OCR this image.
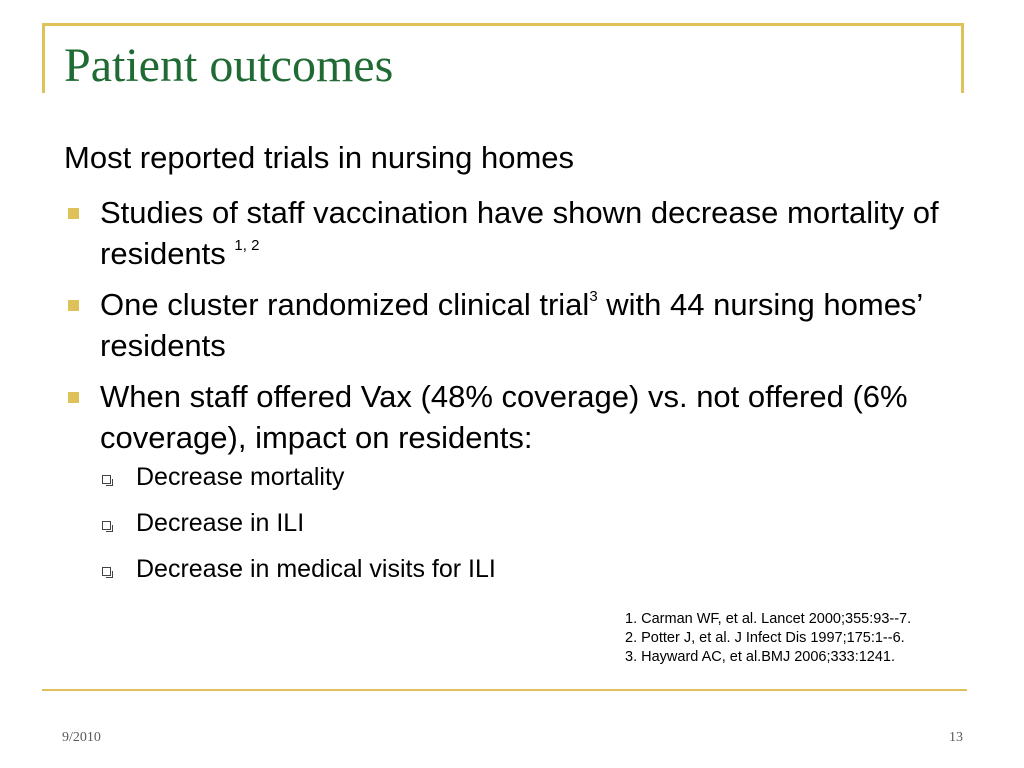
Patient outcomes
Most reported trials in nursing homes
Studies of staff vaccination have shown decrease mortality of residents $^{1, 2}$
One cluster randomized clinical trial$^3$ with 44 nursing homes’ residents
When staff offered Vax (48% coverage) vs. not offered (6% coverage), impact on residents:
Decrease mortality
Decrease in ILI
Decrease in medical visits for ILI
1. Carman WF, et al. Lancet 2000;355:93--7.
2. Potter J, et al. J Infect Dis 1997;175:1--6.
3. Hayward AC, et al.BMJ 2006;333:1241.
9/2010	13
